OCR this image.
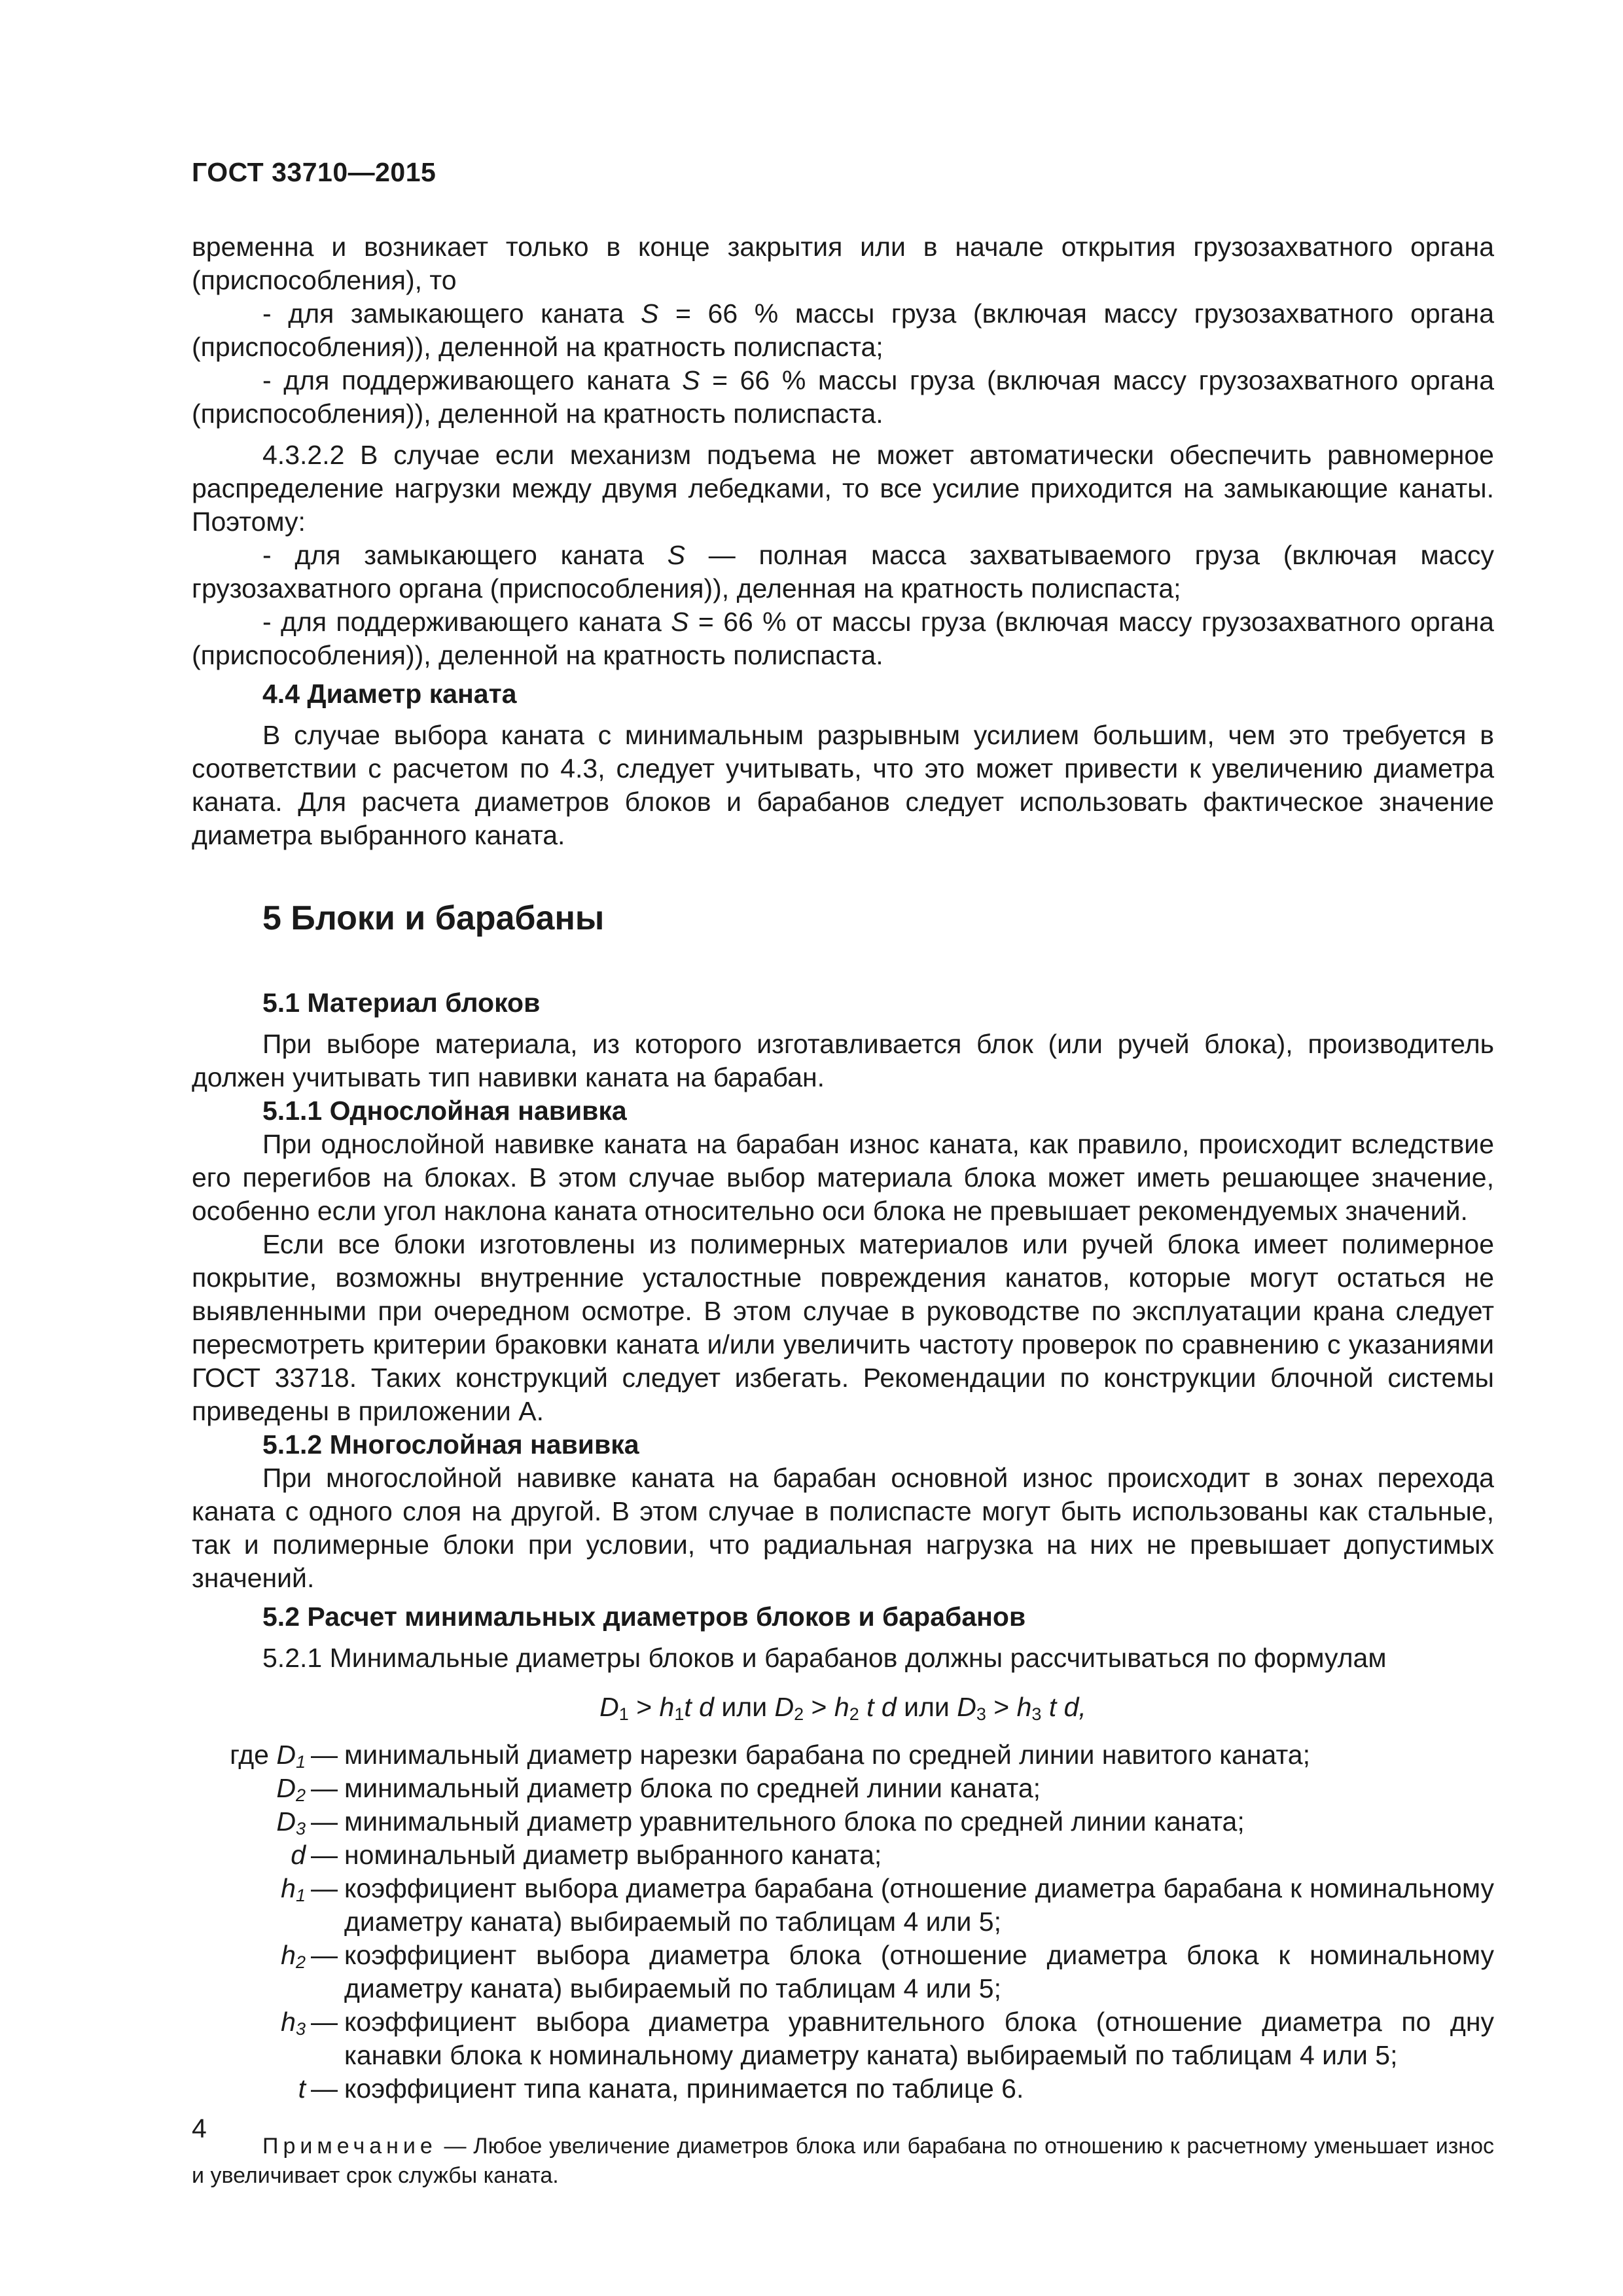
ГОСТ 33710—2015

временна и возникает только в конце закрытия или в начале открытия грузозахватного органа (приспособления), то

- для замыкающего каната S = 66 % массы груза (включая массу грузозахватного органа (приспособления)), деленной на кратность полиспаста;

- для поддерживающего каната S = 66 % массы груза (включая массу грузозахватного органа (приспособления)), деленной на кратность полиспаста.

4.3.2.2 В случае если механизм подъема не может автоматически обеспечить равномерное распределение нагрузки между двумя лебедками, то все усилие приходится на замыкающие канаты. Поэтому:

- для замыкающего каната S — полная масса захватываемого груза (включая массу грузозахватного органа (приспособления)), деленная на кратность полиспаста;

- для поддерживающего каната S = 66 % от массы груза (включая массу грузозахватного органа (приспособления)), деленной на кратность полиспаста.

4.4 Диаметр каната

В случае выбора каната с минимальным разрывным усилием большим, чем это требуется в соответствии с расчетом по 4.3, следует учитывать, что это может привести к увеличению диаметра каната. Для расчета диаметров блоков и барабанов следует использовать фактическое значение диаметра выбранного каната.

5 Блоки и барабаны
5.1 Материал блоков

При выборе материала, из которого изготавливается блок (или ручей блока), производитель должен учитывать тип навивки каната на барабан.

5.1.1 Однослойная навивка

При однослойной навивке каната на барабан износ каната, как правило, происходит вследствие его перегибов на блоках. В этом случае выбор материала блока может иметь решающее значение, особенно если угол наклона каната относительно оси блока не превышает рекомендуемых значений.

Если все блоки изготовлены из полимерных материалов или ручей блока имеет полимерное покрытие, возможны внутренние усталостные повреждения канатов, которые могут остаться не выявленными при очередном осмотре. В этом случае в руководстве по эксплуатации крана следует пересмотреть критерии браковки каната и/или увеличить частоту проверок по сравнению с указаниями ГОСТ 33718. Таких конструкций следует избегать. Рекомендации по конструкции блочной системы приведены в приложении А.

5.1.2 Многослойная навивка

При многослойной навивке каната на барабан основной износ происходит в зонах перехода каната с одного слоя на другой. В этом случае в полиспасте могут быть использованы как стальные, так и полимерные блоки при условии, что радиальная нагрузка на них не превышает допустимых значений.

5.2 Расчет минимальных диаметров блоков и барабанов

5.2.1 Минимальные диаметры блоков и барабанов должны рассчитываться по формулам

$D_1 > h_1t$ d или $D_2 > h_2$ t d или $D_3 > h_3$ t d,
где $D_1$ — минимальный диаметр нарезки барабана по средней линии навитого каната;
$D_2$ — минимальный диаметр блока по средней линии каната;
$D_3$ — минимальный диаметр уравнительного блока по средней линии каната;
d — номинальный диаметр выбранного каната;
$h_1$ — коэффициент выбора диаметра барабана (отношение диаметра барабана к номинальному диаметру каната) выбираемый по таблицам 4 или 5;
$h_2$ — коэффициент выбора диаметра блока (отношение диаметра блока к номинальному диаметру каната) выбираемый по таблицам 4 или 5;
$h_3$ — коэффициент выбора диаметра уравнительного блока (отношение диаметра по дну канавки блока к номинальному диаметру каната) выбираемый по таблицам 4 или 5;
t — коэффициент типа каната, принимается по таблице 6.

Примечание — Любое увеличение диаметров блока или барабана по отношению к расчетному уменьшает износ и увеличивает срок службы каната.

4
